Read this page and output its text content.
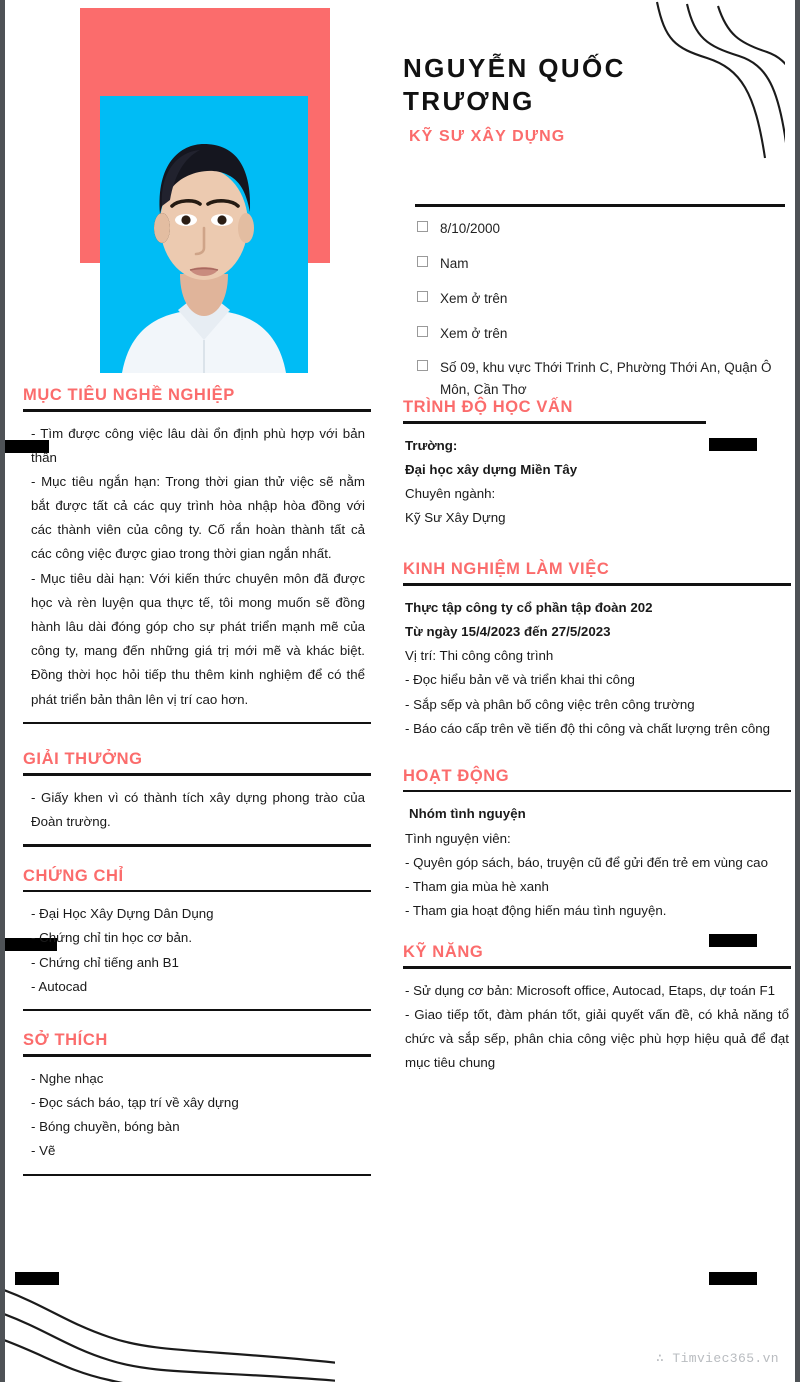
NGUYỄN QUỐC TRƯƠNG
KỸ SƯ XÂY DỰNG
8/10/2000
Nam
Xem ở trên
Xem ở trên
Số 09, khu vực Thới Trinh C, Phường Thới An, Quận Ô Môn, Cần Thơ
MỤC TIÊU NGHỀ NGHIỆP

- Tìm được công việc lâu dài ổn định phù hợp với bản thân

- Mục tiêu ngắn hạn: Trong thời gian thử việc sẽ nằm bắt được tất cả các quy trình hòa nhập hòa đồng với các thành viên của công ty. Cố rắn hoàn thành tất cả các công việc được giao trong thời gian ngắn nhất.

- Mục tiêu dài hạn: Với kiến thức chuyên môn đã được học và rèn luyện qua thực tế, tôi mong muốn sẽ đồng hành lâu dài đóng góp cho sự phát triển mạnh mẽ của công ty, mang đến những giá trị mới mẽ và khác biệt. Đồng thời học hỏi tiếp thu thêm kinh nghiệm để có thể phát triển bản thân lên vị trí cao hơn.

GIẢI THƯỞNG

- Giấy khen vì có thành tích xây dựng phong trào của Đoàn trường.

CHỨNG CHỈ

- Đại Học Xây Dựng Dân Dụng

- Chứng chỉ tin học cơ bản.

- Chứng chỉ tiếng anh B1

- Autocad

SỞ THÍCH

- Nghe nhạc

- Đọc sách báo, tạp trí về xây dựng

- Bóng chuyền, bóng bàn

- Vẽ

TRÌNH ĐỘ HỌC VẤN

Trường:

Đại học xây dựng Miền Tây

Chuyên ngành:

Kỹ Sư Xây Dựng

KINH NGHIỆM LÀM VIỆC

Thực tập công ty cổ phần tập đoàn 202

Từ ngày 15/4/2023 đến 27/5/2023

Vị trí: Thi công công trình

- Đọc hiểu bản vẽ và triển khai thi công

- Sắp sếp và phân bố công việc trên công trường

- Báo cáo cấp trên về tiến độ thi công và chất lượng trên công

HOẠT ĐỘNG

Nhóm tình nguyện

Tình nguyện viên:

- Quyên góp sách, báo, truyện cũ để gửi đến trẻ em vùng cao

- Tham gia mùa hè xanh

- Tham gia hoạt động hiến máu tình nguyện.

KỸ NĂNG

- Sử dụng cơ bản: Microsoft office, Autocad, Etaps, dự toán F1

- Giao tiếp tốt, đàm phán tốt, giải quyết vấn đề, có khả năng tổ chức và sắp sếp, phân chia công việc phù hợp hiệu quả để đạt mục tiêu chung

∴ Timviec365.vn
